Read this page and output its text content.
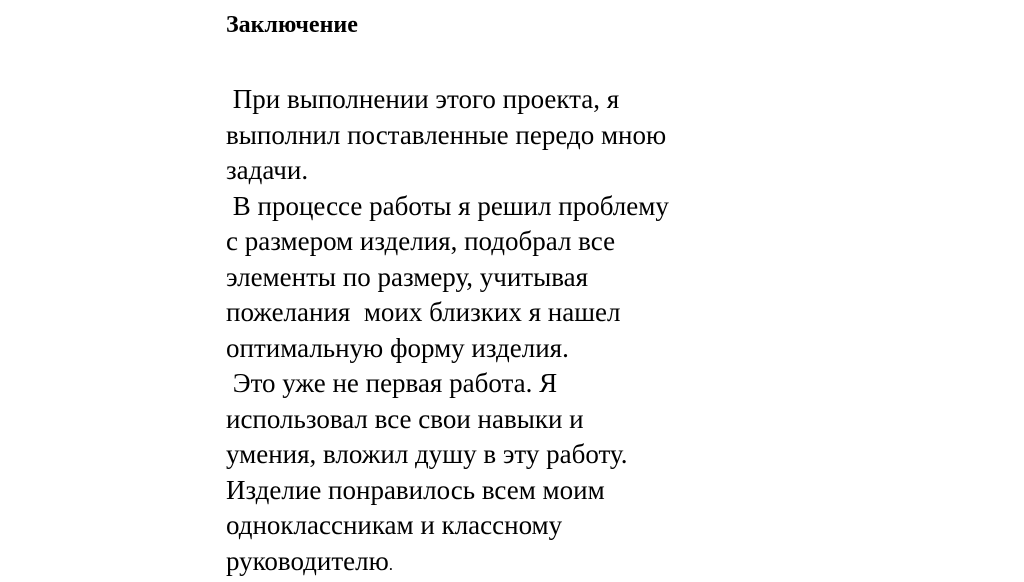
Заключение
При выполнении этого проекта, я
выполнил поставленные передо мною
задачи.
В процессе работы я решил проблему
с размером изделия, подобрал все
элементы по размеру, учитывая
пожелания  моих близких я нашел
оптимальную форму изделия.
Это уже не первая работа. Я
использовал все свои навыки и
умения, вложил душу в эту работу.
Изделие понравилось всем моим
одноклассникам и классному
руководителю.
